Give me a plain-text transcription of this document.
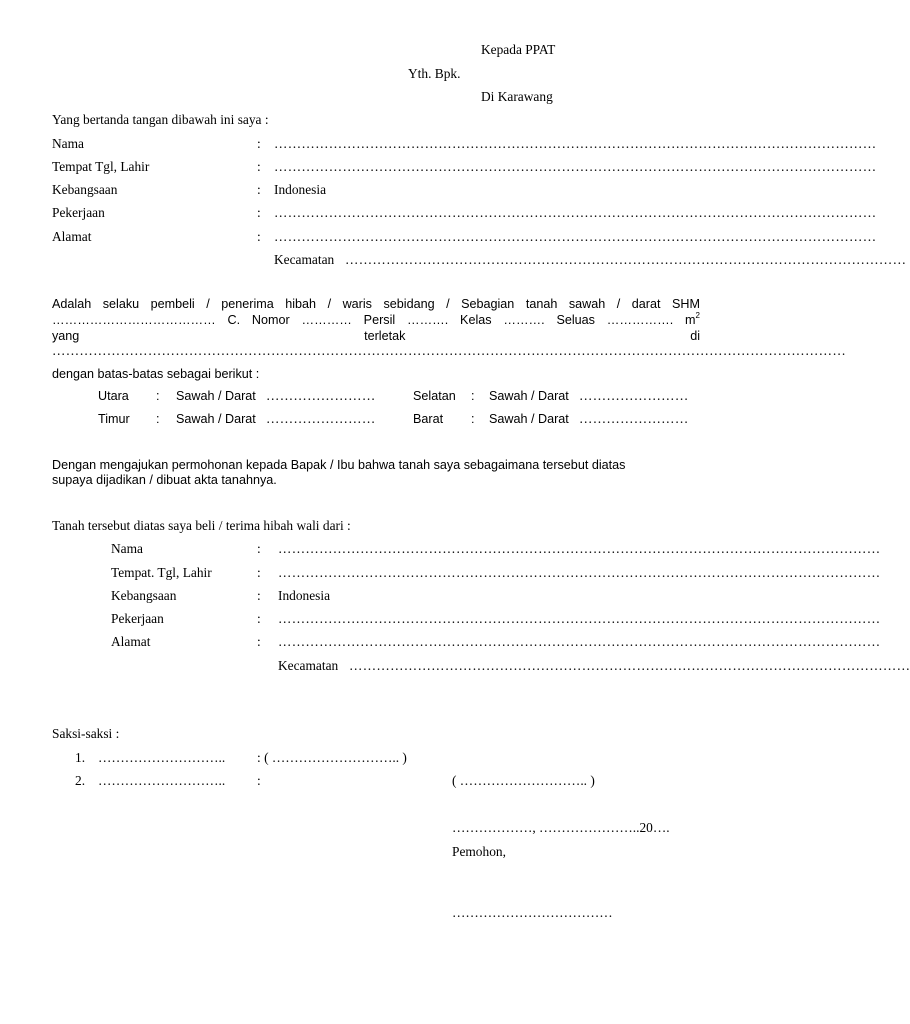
Kepada PPAT
Yth. Bpk.
Di Karawang
Yang bertanda tangan dibawah ini saya :
Nama	: ……………………………………………………………………………………………………………………
Tempat Tgl, Lahir	: ……………………………………………………………………………………………………………………
Kebangsaan	: Indonesia
Pekerjaan	: ……………………………………………………………………………………………………………………
Alamat	: ……………………………………………………………………………………………………………………
Kecamatan ……………………………………………………………………………………………………………
Adalah selaku pembeli / penerima hibah / waris sebidang / Sebagian tanah sawah / darat SHM
………………………………… C. Nomor ………… Persil ………. Kelas ………. Seluas ……………. $m^2$
yang	terletak	di
…………………………………………………………………………………………………………………………………………………………
dengan batas-batas sebagai berikut :
Utara : Sawah / Darat ……………………	Selatan : Sawah / Darat ……………………
Timur : Sawah / Darat ……………………	Barat : Sawah / Darat ……………………
Dengan mengajukan permohonan kepada Bapak / Ibu bahwa tanah saya sebagaimana tersebut diatas
supaya dijadikan / dibuat akta tanahnya.
Tanah tersebut diatas saya beli / terima hibah wali dari :
Nama	: ……………………………………………………………………………………………………………………
Tempat. Tgl, Lahir	: ……………………………………………………………………………………………………………………
Kebangsaan	: Indonesia
Pekerjaan	: ……………………………………………………………………………………………………………………
Alamat	: ……………………………………………………………………………………………………………………
Kecamatan ……………………………………………………………………………………………………………
Saksi-saksi :
1. ……………………….. : ( ……………………….. )
2. ……………………….. :	( ……………………….. )
………………, …………………..20….
Pemohon,
………………………………
